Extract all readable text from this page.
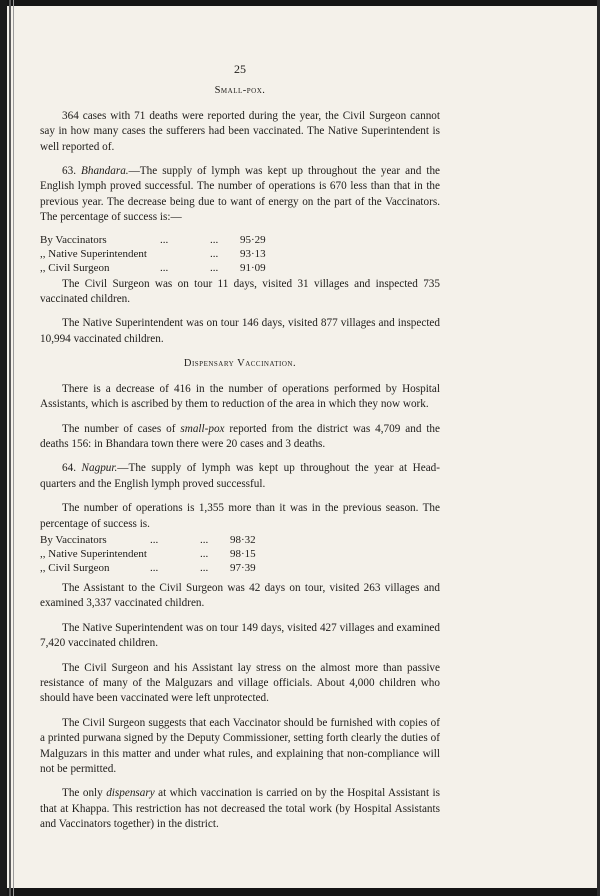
25
Small-pox.

364 cases with 71 deaths were reported during the year, the Civil Surgeon cannot say in how many cases the sufferers had been vaccinated. The Native Superintendent is well reported of.

63. Bhandara.—The supply of lymph was kept up throughout the year and the English lymph proved successful. The number of operations is 670 less than that in the previous year. The decrease being due to want of energy on the part of the Vaccinators. The percentage of success is:—

By Vaccinators	...	...	95·29
,, Native Superintendent		...	93·13
,, Civil Surgeon	...	...	91·09

The Civil Surgeon was on tour 11 days, visited 31 villages and inspected 735 vaccinated children.

The Native Superintendent was on tour 146 days, visited 877 villages and inspected 10,994 vaccinated children.

Dispensary Vaccination.

There is a decrease of 416 in the number of operations performed by Hospital Assistants, which is ascribed by them to reduction of the area in which they now work.

The number of cases of small-pox reported from the district was 4,709 and the deaths 156: in Bhandara town there were 20 cases and 3 deaths.

64. Nagpur.—The supply of lymph was kept up throughout the year at Head-quarters and the English lymph proved successful.

The number of operations is 1,355 more than it was in the previous season. The percentage of success is.

By Vaccinators	...	...	98·32
,, Native Superintendent		...	98·15
,, Civil Surgeon	...	...	97·39

The Assistant to the Civil Surgeon was 42 days on tour, visited 263 villages and examined 3,337 vaccinated children.

The Native Superintendent was on tour 149 days, visited 427 villages and examined 7,420 vaccinated children.

The Civil Surgeon and his Assistant lay stress on the almost more than passive resistance of many of the Malguzars and village officials. About 4,000 children who should have been vaccinated were left unprotected.

The Civil Surgeon suggests that each Vaccinator should be furnished with copies of a printed purwana signed by the Deputy Commissioner, setting forth clearly the duties of Malguzars in this matter and under what rules, and explaining that non-compliance will not be permitted.

The only dispensary at which vaccination is carried on by the Hospital Assistant is that at Khappa. This restriction has not decreased the total work (by Hospital Assistants and Vaccinators together) in the district.
